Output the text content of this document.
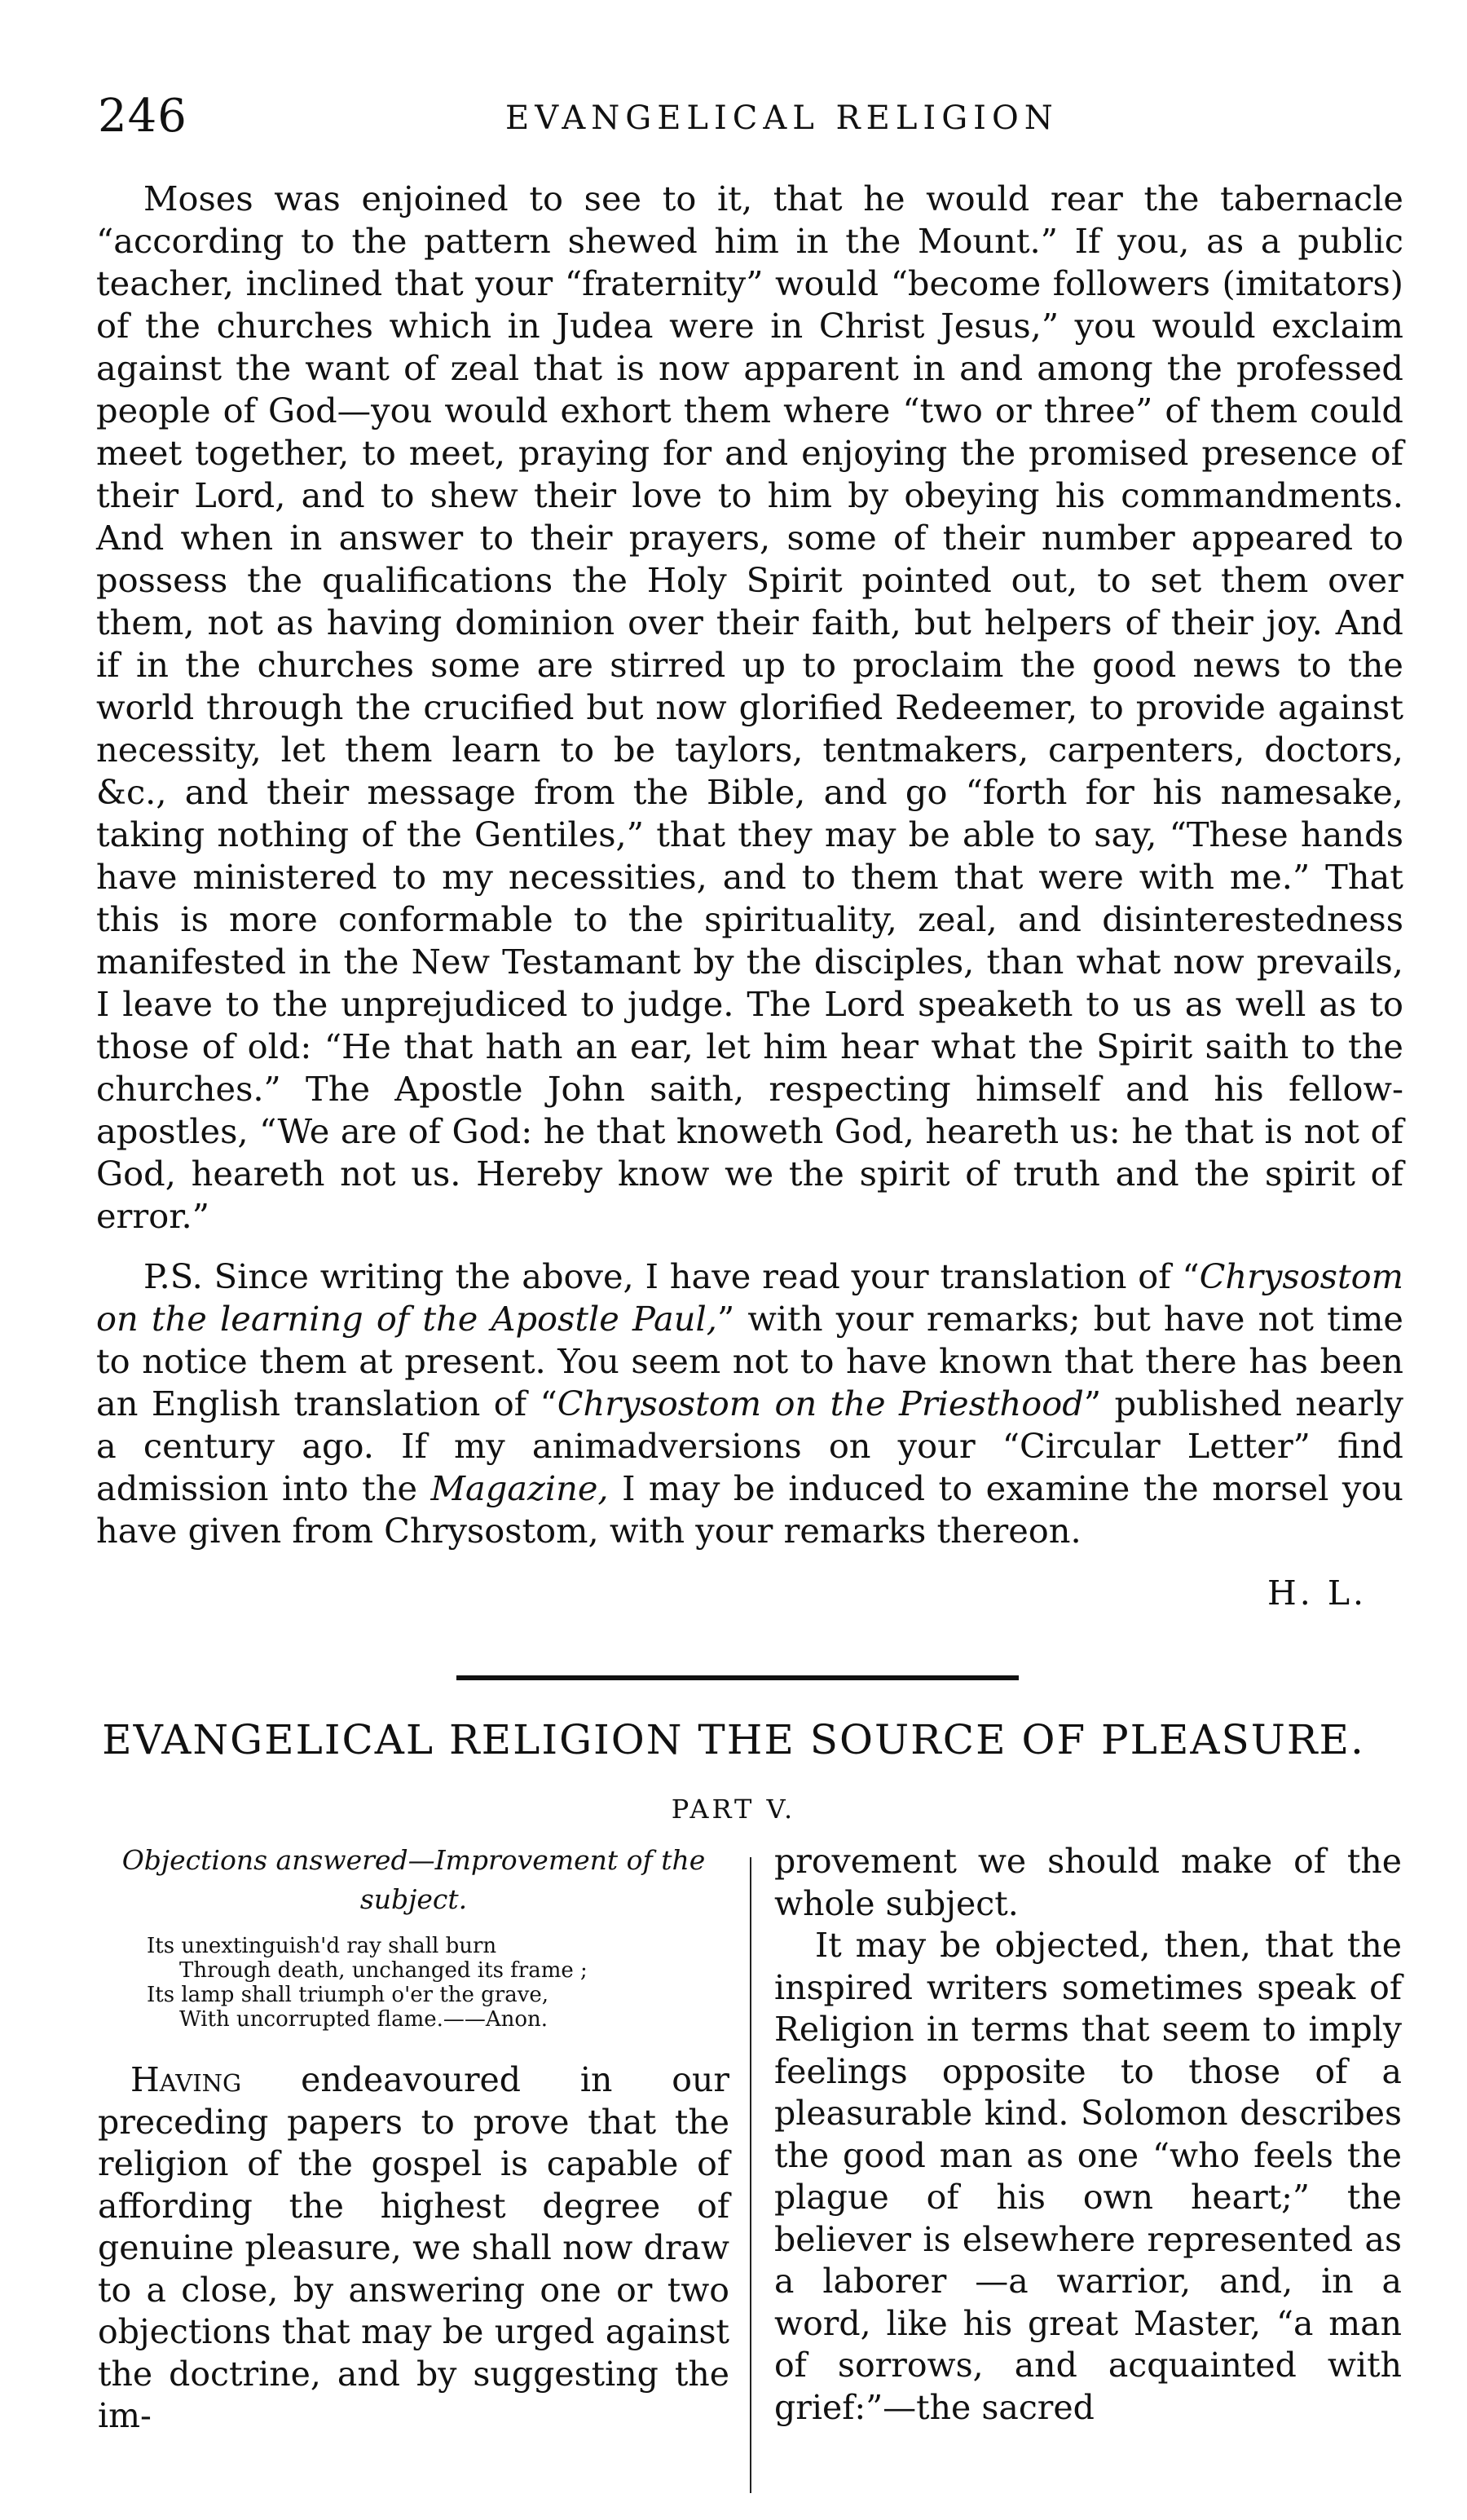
246	EVANGELICAL RELIGION

Moses was enjoined to see to it, that he would rear the tabernacle “according to the pattern shewed him in the Mount.” If you, as a public teacher, inclined that your “fraternity” would “become followers (imitators) of the churches which in Judea were in Christ Jesus,” you would exclaim against the want of zeal that is now apparent in and among the professed people of God—you would exhort them where “two or three” of them could meet together, to meet, praying for and enjoying the promised presence of their Lord, and to shew their love to him by obeying his commandments. And when in answer to their prayers, some of their number appeared to possess the qualifications the Holy Spirit pointed out, to set them over them, not as having dominion over their faith, but helpers of their joy. And if in the churches some are stirred up to proclaim the good news to the world through the crucified but now glorified Redeemer, to provide against necessity, let them learn to be taylors, tentmakers, carpenters, doctors, &c., and their message from the Bible, and go “forth for his namesake, taking nothing of the Gentiles,” that they may be able to say, “These hands have ministered to my necessities, and to them that were with me.” That this is more conformable to the spirituality, zeal, and disinterestedness manifested in the New Testamant by the disciples, than what now prevails, I leave to the unprejudiced to judge. The Lord speaketh to us as well as to those of old: “He that hath an ear, let him hear what the Spirit saith to the churches.” The Apostle John saith, respecting himself and his fellow-apostles, “We are of God: he that knoweth God, heareth us: he that is not of God, heareth not us. Hereby know we the spirit of truth and the spirit of error.”

P.S. Since writing the above, I have read your translation of “Chrysostom on the learning of the Apostle Paul,” with your remarks; but have not time to notice them at present. You seem not to have known that there has been an English translation of “Chrysostom on the Priesthood” published nearly a century ago. If my animadversions on your “Circular Letter” find admission into the Magazine, I may be induced to examine the morsel you have given from Chrysostom, with your remarks thereon.

H. L.
EVANGELICAL RELIGION THE SOURCE OF PLEASURE.
PART V.

Objections answered—Improvement of the subject.

Its unextinguish'd ray shall burn
Through death, unchanged its frame ;
Its lamp shall triumph o'er the grave,
With uncorrupted flame.——Anon.

Having endeavoured in our preceding papers to prove that the religion of the gospel is capable of affording the highest degree of genuine pleasure, we shall now draw to a close, by answering one or two objections that may be urged against the doctrine, and by suggesting the im-

provement we should make of the whole subject.

It may be objected, then, that the inspired writers sometimes speak of Religion in terms that seem to imply feelings opposite to those of a pleasurable kind. Solomon describes the good man as one “who feels the plague of his own heart;” the believer is elsewhere represented as a laborer —a warrior, and, in a word, like his great Master, “a man of sorrows, and acquainted with grief:”—the sacred
